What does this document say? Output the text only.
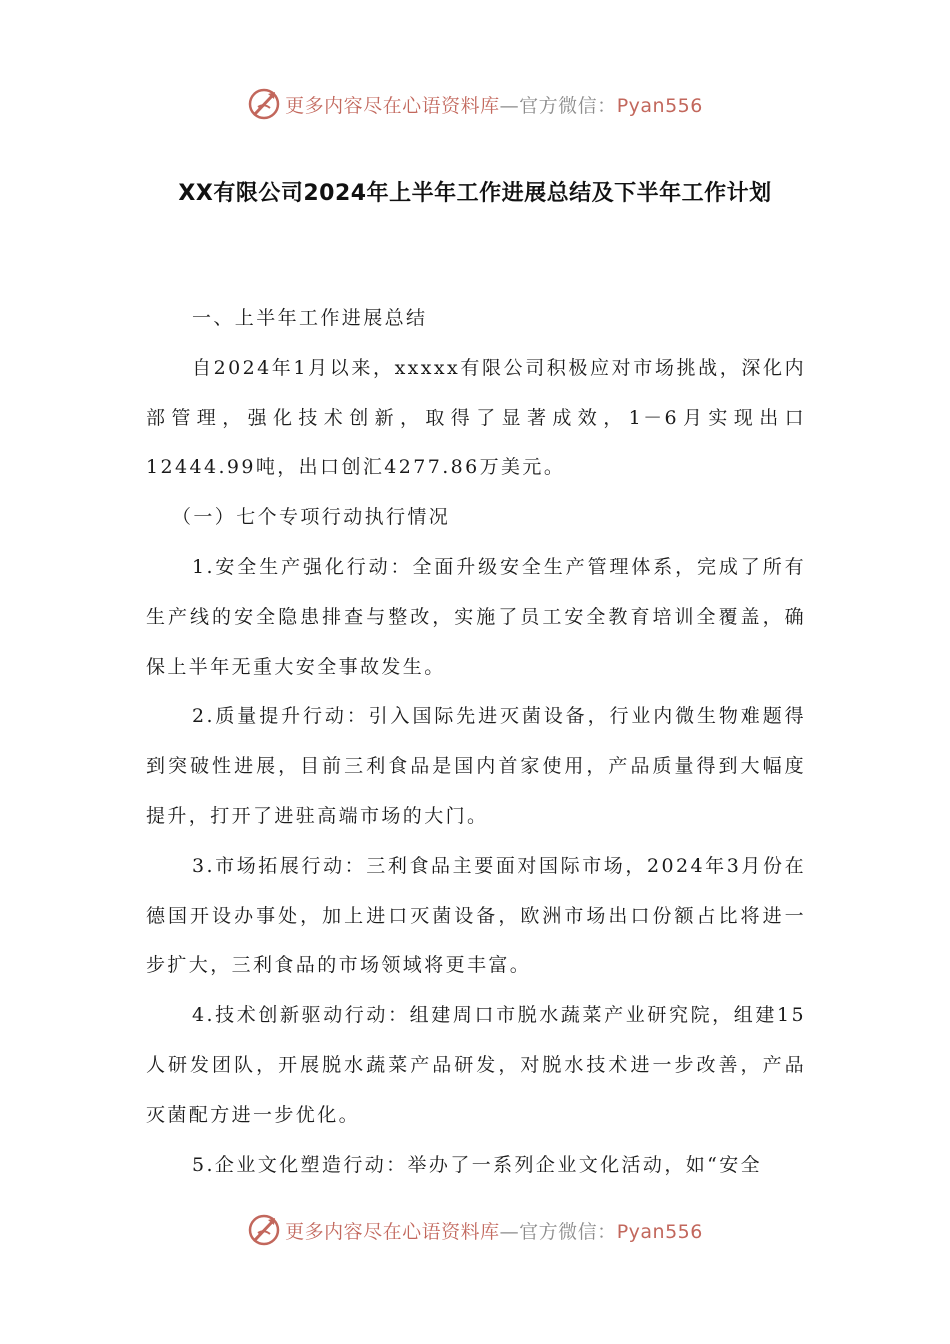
更多内容尽在心语资料库—官方微信：Pyan556
XX有限公司2024年上半年工作进展总结及下半年工作计划

一、上半年工作进展总结

自2024年1月以来，xxxxx有限公司积极应对市场挑战，深化内部管理，强化技术创新，取得了显著成效，1－6月实现出口12444.99吨，出口创汇4277.86万美元。

（一）七个专项行动执行情况

1.安全生产强化行动：全面升级安全生产管理体系，完成了所有生产线的安全隐患排查与整改，实施了员工安全教育培训全覆盖，确保上半年无重大安全事故发生。

2.质量提升行动：引入国际先进灭菌设备，行业内微生物难题得到突破性进展，目前三利食品是国内首家使用，产品质量得到大幅度提升，打开了进驻高端市场的大门。

3.市场拓展行动：三利食品主要面对国际市场，2024年3月份在德国开设办事处，加上进口灭菌设备，欧洲市场出口份额占比将进一步扩大，三利食品的市场领域将更丰富。

4.技术创新驱动行动：组建周口市脱水蔬菜产业研究院，组建15人研发团队，开展脱水蔬菜产品研发，对脱水技术进一步改善，产品灭菌配方进一步优化。

5.企业文化塑造行动：举办了一系列企业文化活动，如“安全

更多内容尽在心语资料库—官方微信：Pyan556
